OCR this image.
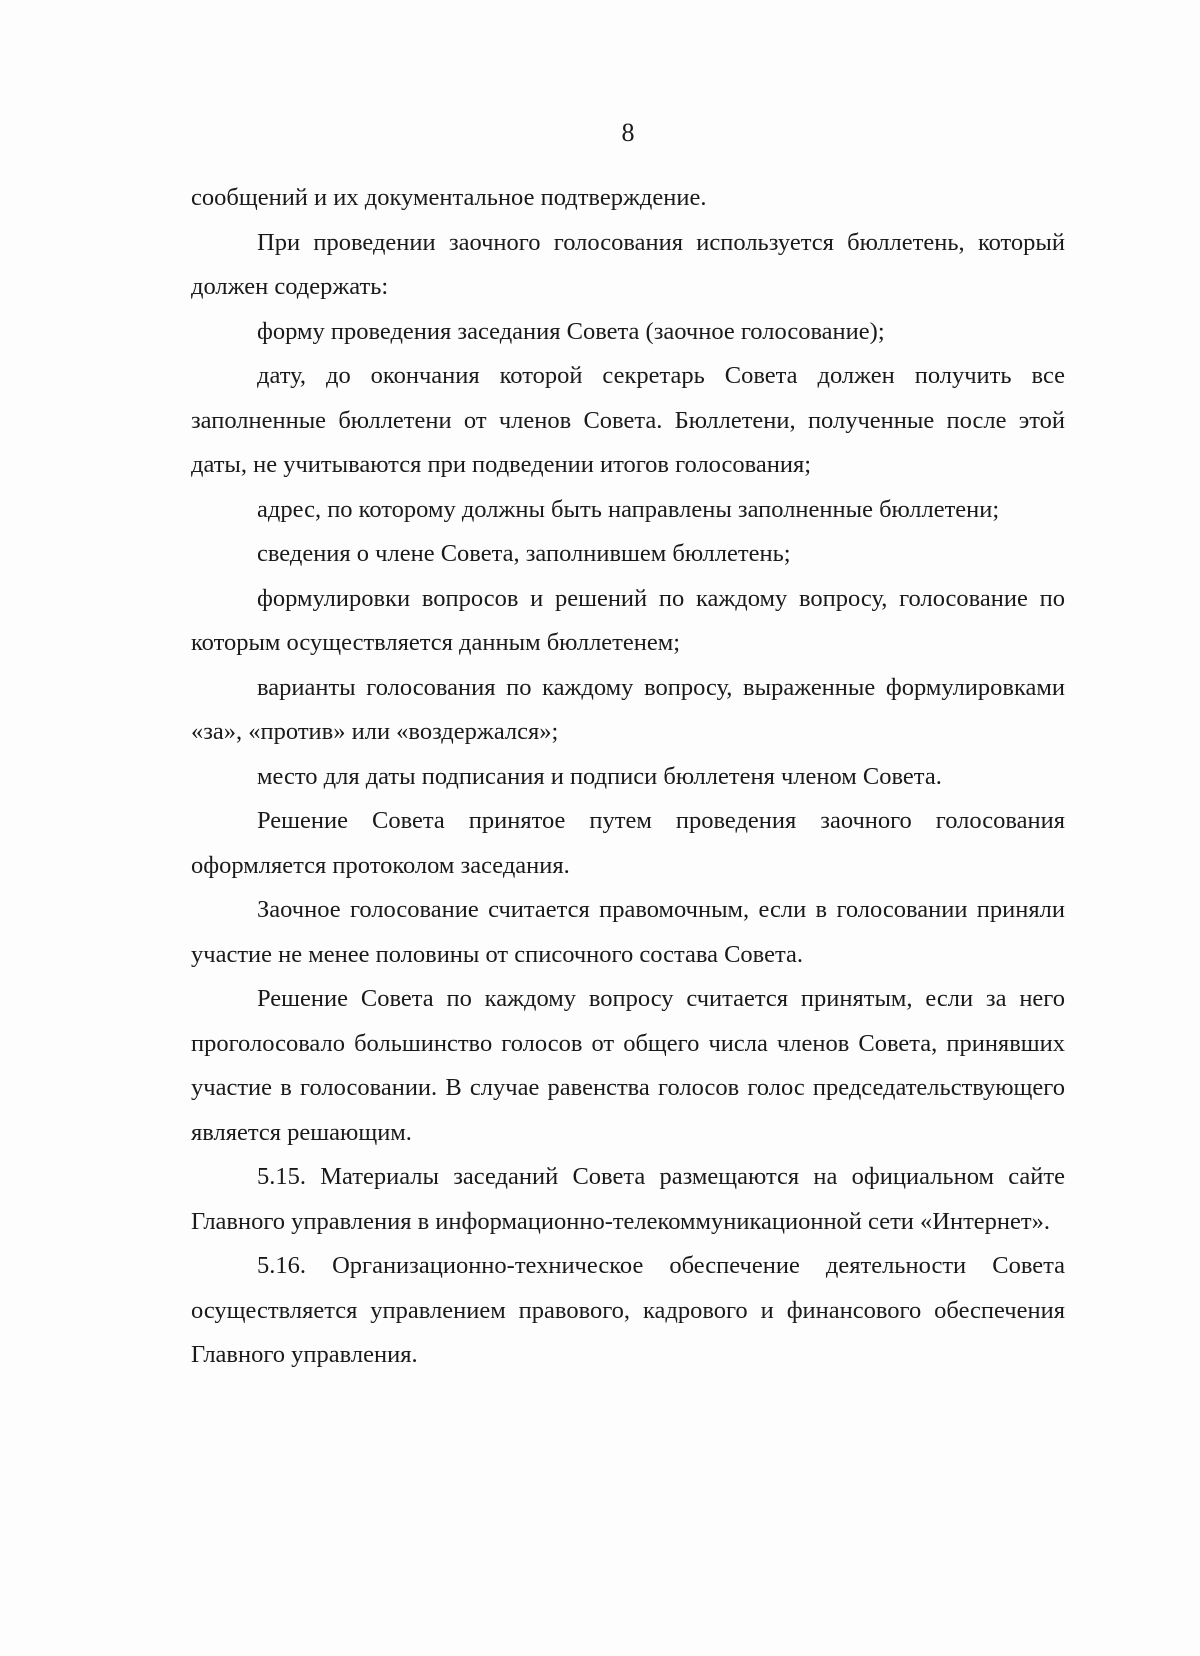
8

сообщений и их документальное подтверждение.

При проведении заочного голосования используется бюллетень, который должен содержать:

форму проведения заседания Совета (заочное голосование);

дату, до окончания которой секретарь Совета должен получить все заполненные бюллетени от членов Совета. Бюллетени, полученные после этой даты, не учитываются при подведении итогов голосования;

адрес, по которому должны быть направлены заполненные бюллетени;

сведения о члене Совета, заполнившем бюллетень;

формулировки вопросов и решений по каждому вопросу, голосование по которым осуществляется данным бюллетенем;

варианты голосования по каждому вопросу, выраженные формулировками «за», «против» или «воздержался»;

место для даты подписания и подписи бюллетеня членом Совета.

Решение Совета принятое путем проведения заочного голосования оформляется протоколом заседания.

Заочное голосование считается правомочным, если в голосовании приняли участие не менее половины от списочного состава Совета.

Решение Совета по каждому вопросу считается принятым, если за него проголосовало большинство голосов от общего числа членов Совета, принявших участие в голосовании. В случае равенства голосов голос председательствующего является решающим.

5.15. Материалы заседаний Совета размещаются на официальном сайте Главного управления в информационно-телекоммуникационной сети «Интернет».

5.16. Организационно-техническое обеспечение деятельности Совета осуществляется управлением правового, кадрового и финансового обеспечения Главного управления.
